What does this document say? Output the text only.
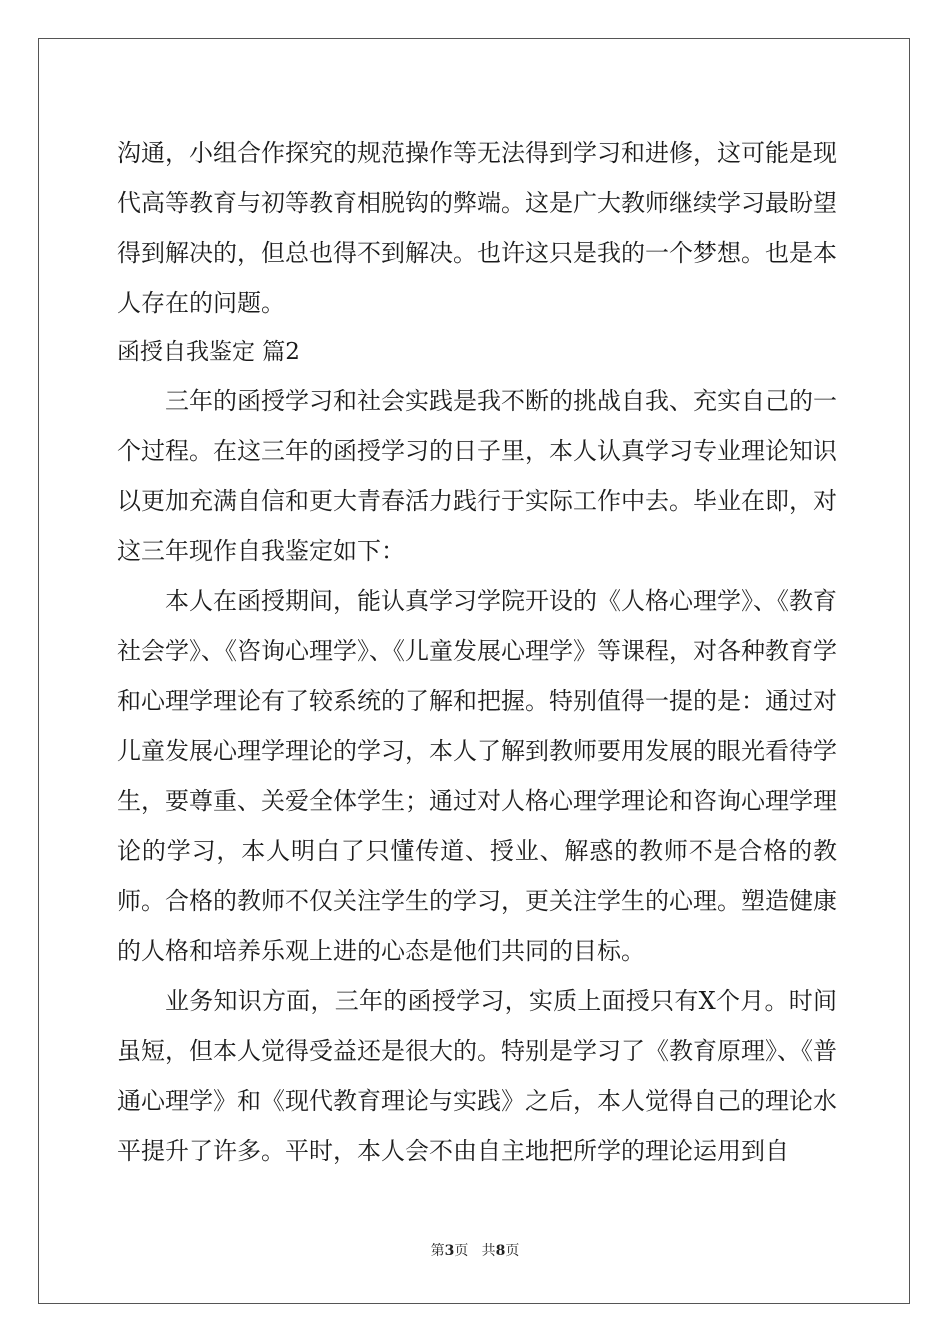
沟通，小组合作探究的规范操作等无法得到学习和进修，这可能是现代高等教育与初等教育相脱钩的弊端。这是广大教师继续学习最盼望得到解决的，但总也得不到解决。也许这只是我的一个梦想。也是本人存在的问题。

函授自我鉴定 篇2

三年的函授学习和社会实践是我不断的挑战自我、充实自己的一个过程。在这三年的函授学习的日子里，本人认真学习专业理论知识以更加充满自信和更大青春活力践行于实际工作中去。毕业在即，对这三年现作自我鉴定如下：

本人在函授期间，能认真学习学院开设的《人格心理学》、《教育社会学》、《咨询心理学》、《儿童发展心理学》等课程，对各种教育学和心理学理论有了较系统的了解和把握。特别值得一提的是：通过对儿童发展心理学理论的学习，本人了解到教师要用发展的眼光看待学生，要尊重、关爱全体学生；通过对人格心理学理论和咨询心理学理论的学习，本人明白了只懂传道、授业、解惑的教师不是合格的教师。合格的教师不仅关注学生的学习，更关注学生的心理。塑造健康的人格和培养乐观上进的心态是他们共同的目标。

业务知识方面，三年的函授学习，实质上面授只有X个月。时间虽短，但本人觉得受益还是很大的。特别是学习了《教育原理》、《普通心理学》和《现代教育理论与实践》之后，本人觉得自己的理论水平提升了许多。平时，本人会不由自主地把所学的理论运用到自

第3页   共8页
